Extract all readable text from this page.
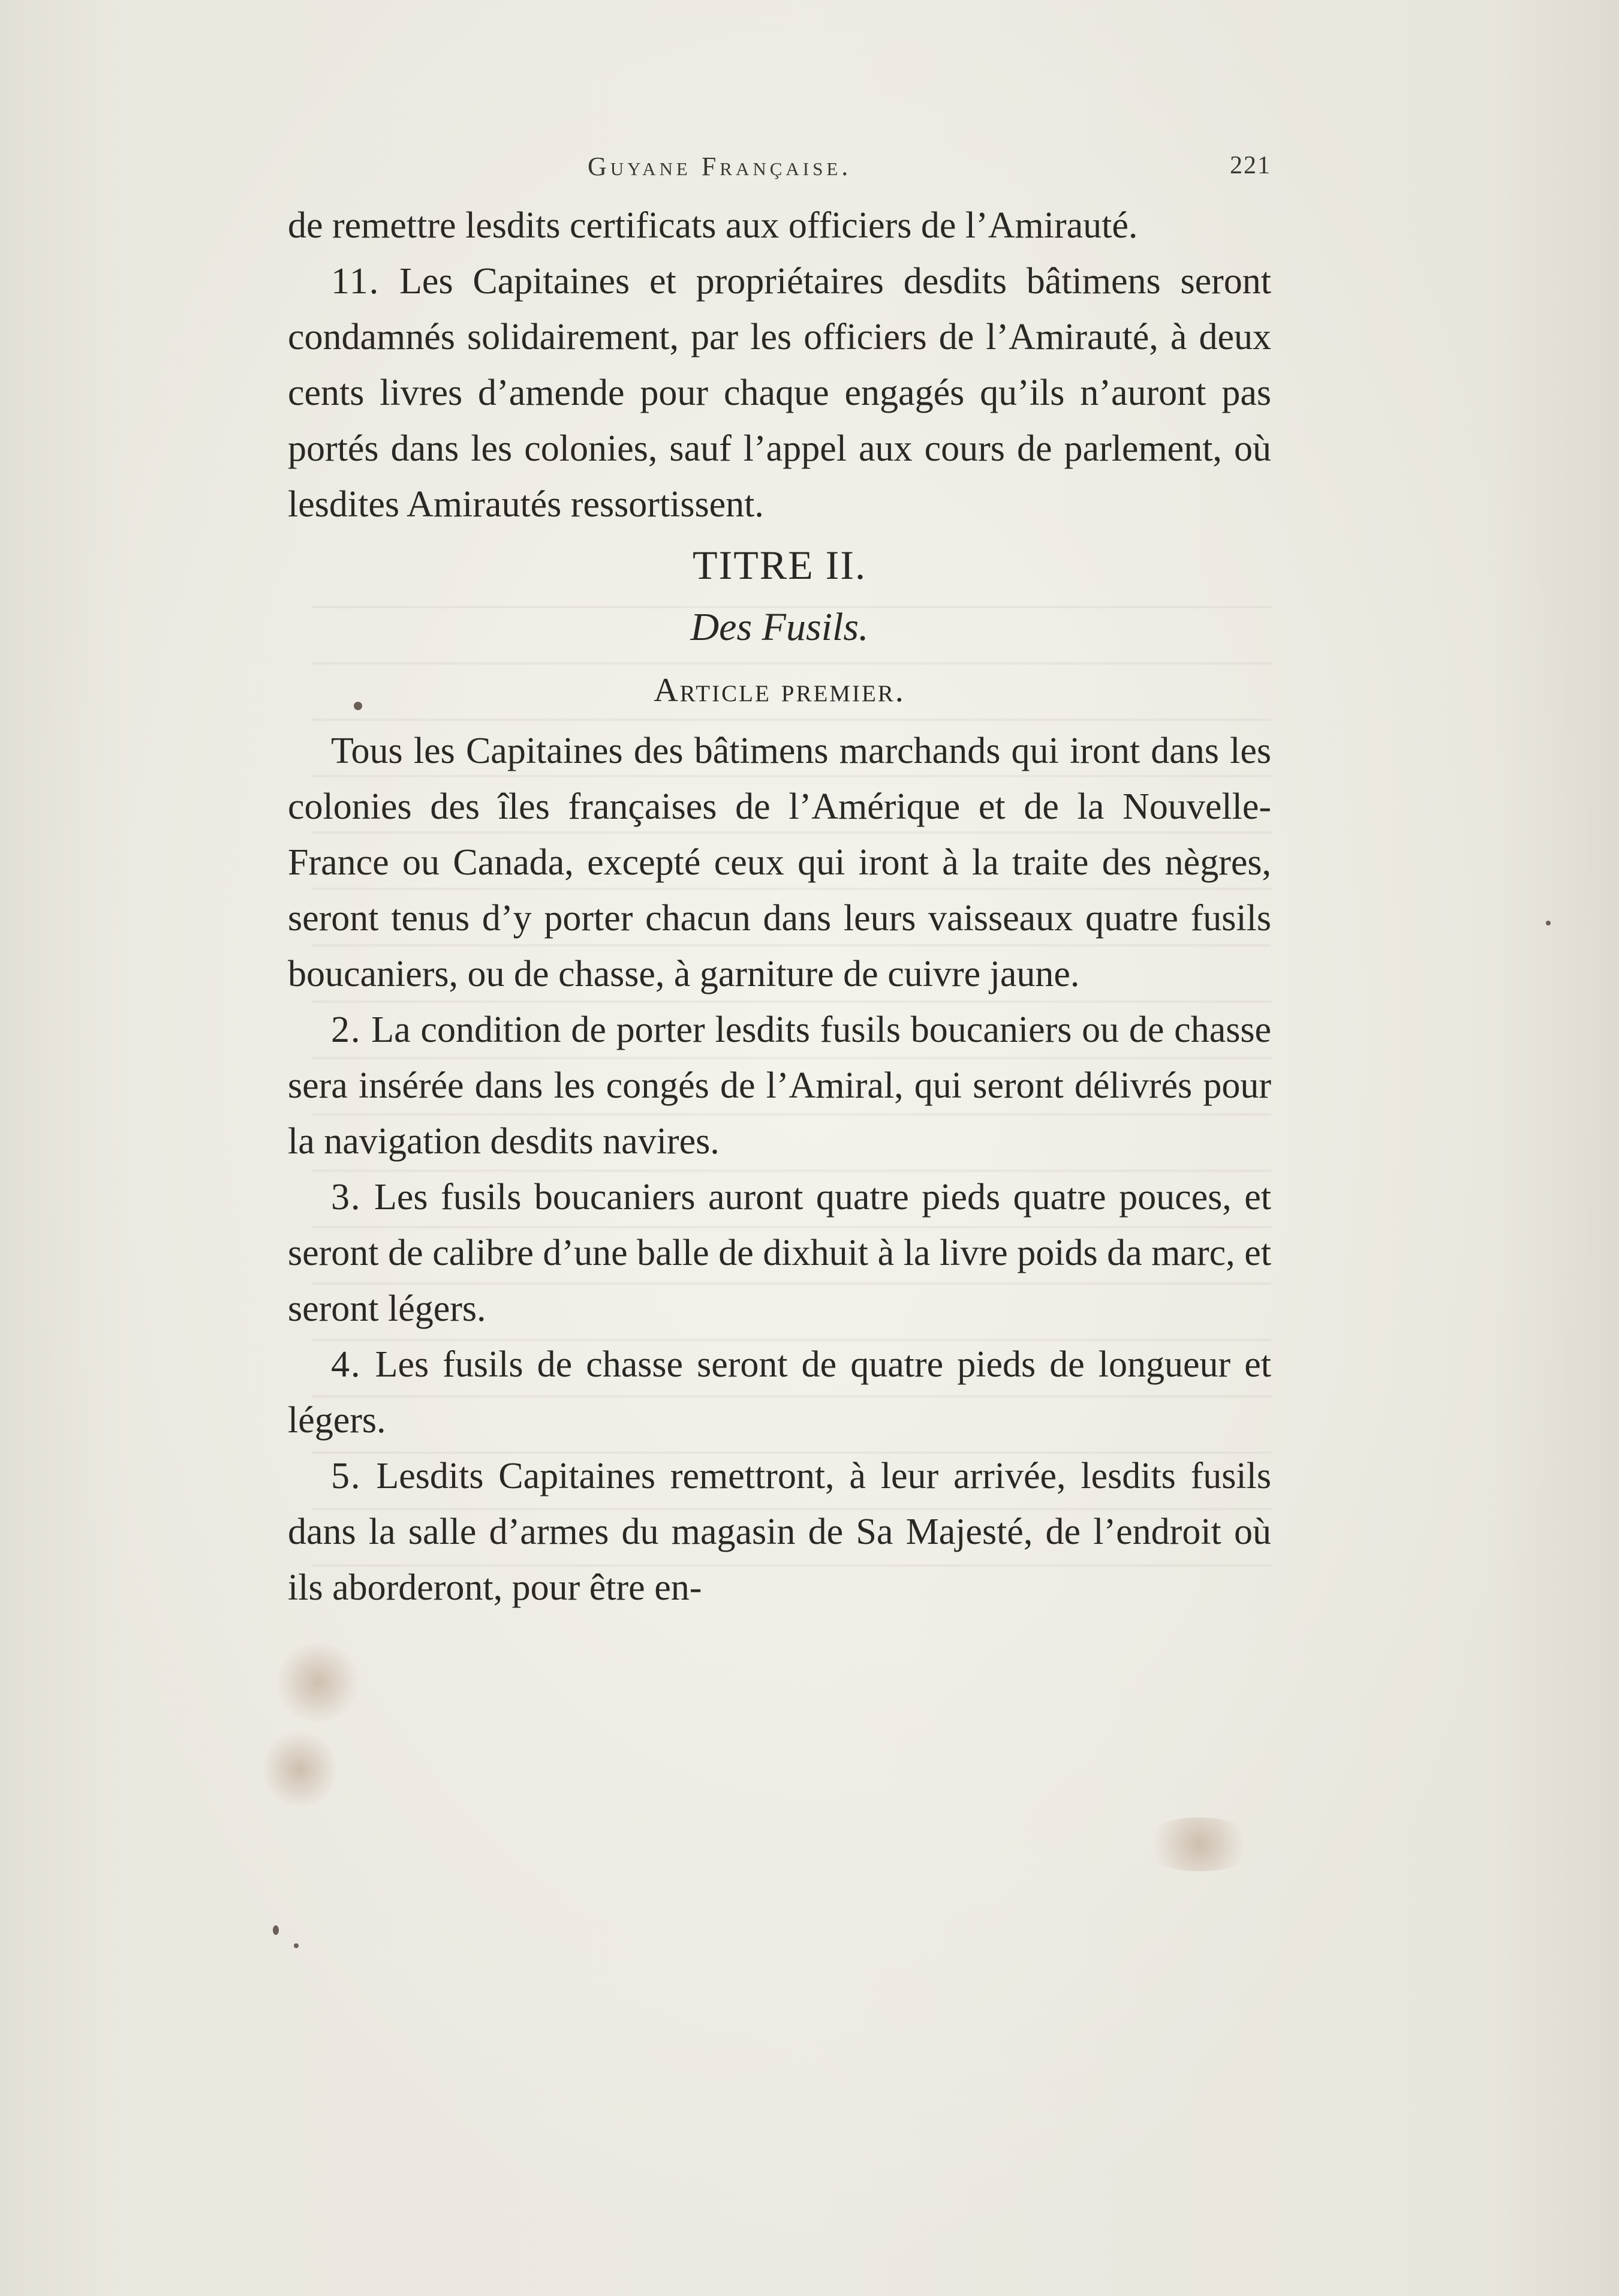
Guyane Française.	221

de remettre lesdits certificats aux officiers de l’Amirauté.

11. Les Capitaines et propriétaires desdits bâtimens seront condamnés solidairement, par les officiers de l’Amirauté, à deux cents livres d’amende pour chaque engagés qu’ils n’auront pas portés dans les colonies, sauf l’appel aux cours de parlement, où lesdites Amirautés ressortissent.

TITRE II.

Des Fusils.

Article premier.

Tous les Capitaines des bâtimens marchands qui iront dans les colonies des îles françaises de l’Amérique et de la Nouvelle-France ou Canada, excepté ceux qui iront à la traite des nègres, seront tenus d’y porter chacun dans leurs vaisseaux quatre fusils boucaniers, ou de chasse, à garniture de cuivre jaune.

2. La condition de porter lesdits fusils boucaniers ou de chasse sera insérée dans les congés de l’Amiral, qui seront délivrés pour la navigation desdits navires.

3. Les fusils boucaniers auront quatre pieds quatre pouces, et seront de calibre d’une balle de dixhuit à la livre poids da marc, et seront légers.

4. Les fusils de chasse seront de quatre pieds de longueur et légers.

5. Lesdits Capitaines remettront, à leur arrivée, lesdits fusils dans la salle d’armes du magasin de Sa Majesté, de l’endroit où ils aborderont, pour être en-
